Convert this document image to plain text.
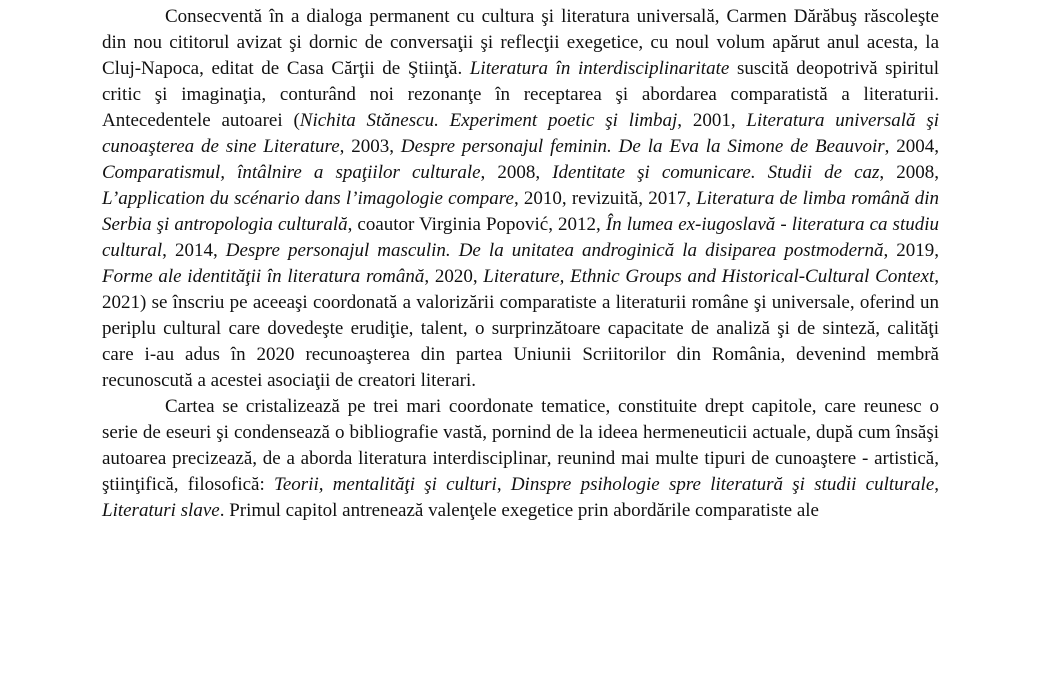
Consecventă în a dialoga permanent cu cultura şi literatura universală, Carmen Dărăbuş răscoleşte din nou cititorul avizat şi dornic de conversaţii şi reflecţii exegetice, cu noul volum apărut anul acesta, la Cluj-Napoca, editat de Casa Cărţii de Ştiinţă. Literatura în interdisciplinaritate suscită deopotrivă spiritul critic şi imaginaţia, conturând noi rezonanţe în receptarea şi abordarea comparatistă a literaturii. Antecedentele autoarei (Nichita Stănescu. Experiment poetic şi limbaj, 2001, Literatura universală şi cunoaşterea de sine Literature, 2003, Despre personajul feminin. De la Eva la Simone de Beauvoir, 2004, Comparatismul, întâlnire a spaţiilor culturale, 2008, Identitate şi comunicare. Studii de caz, 2008, L’application du scénario dans l’imagologie compare, 2010, revizuită, 2017, Literatura de limba română din Serbia şi antropologia culturală, coautor Virginia Popović, 2012, În lumea ex-iugoslavă - literatura ca studiu cultural, 2014, Despre personajul masculin. De la unitatea androginică la disiparea postmodernă, 2019, Forme ale identităţii în literatura română, 2020, Literature, Ethnic Groups and Historical-Cultural Context, 2021) se înscriu pe aceeaşi coordonată a valorizării comparatiste a literaturii române şi universale, oferind un periplu cultural care dovedeşte erudiţie, talent, o surprinzătoare capacitate de analiză şi de sinteză, calităţi care i-au adus în 2020 recunoaşterea din partea Uniunii Scriitorilor din România, devenind membră recunoscută a acestei asociaţii de creatori literari.

Cartea se cristalizează pe trei mari coordonate tematice, constituite drept capitole, care reunesc o serie de eseuri şi condensează o bibliografie vastă, pornind de la ideea hermeneuticii actuale, după cum însăşi autoarea precizează, de a aborda literatura interdisciplinar, reunind mai multe tipuri de cunoaştere - artistică, ştiinţifică, filosofică: Teorii, mentalităţi şi culturi, Dinspre psihologie spre literatură şi studii culturale, Literaturi slave. Primul capitol antrenează valenţele exegetice prin abordările comparatiste ale
